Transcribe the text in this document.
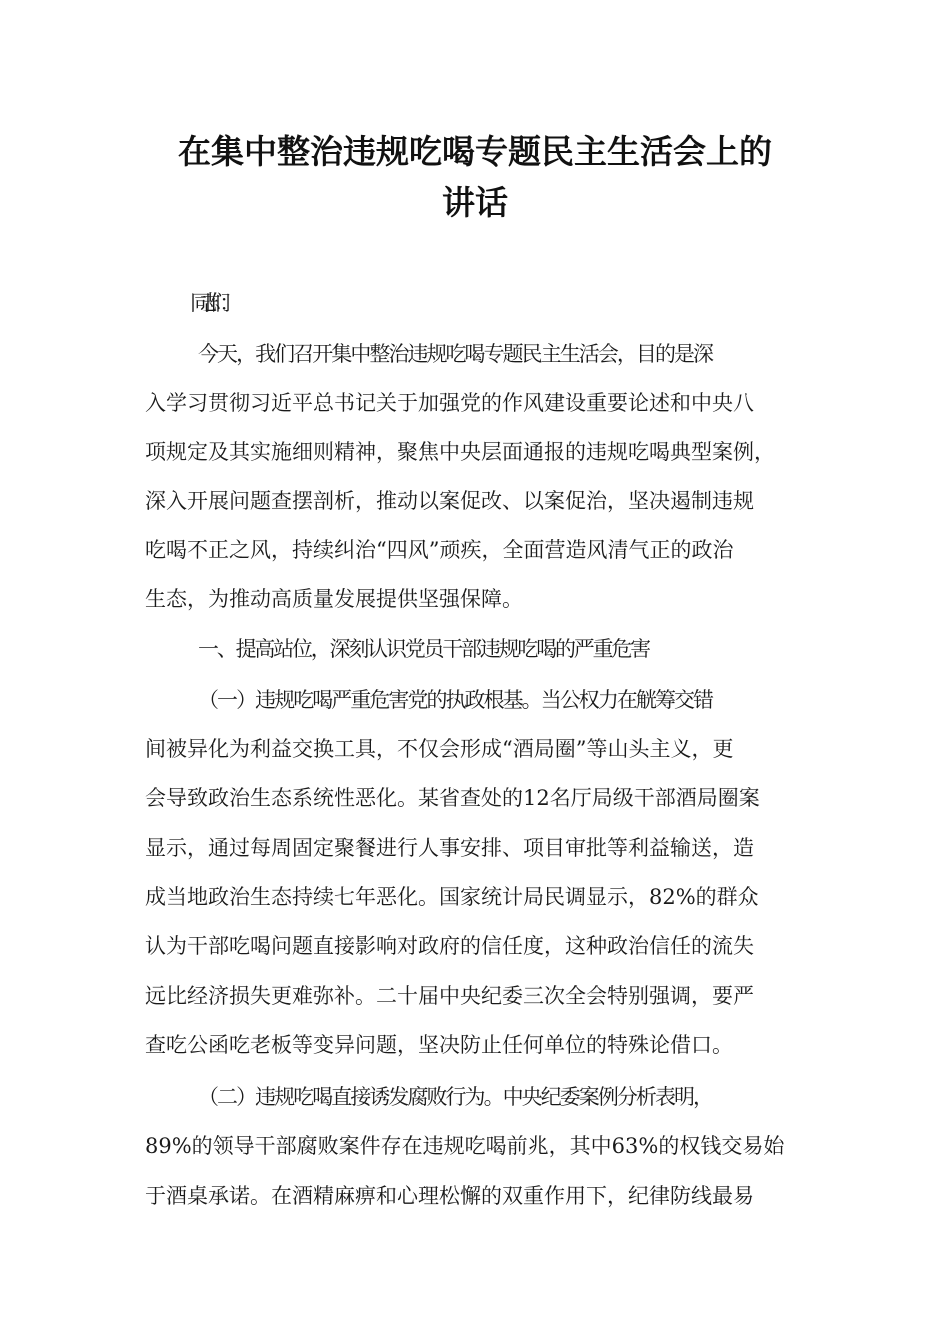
在集中整治违规吃喝专题民主生活会上的
讲话
同志们：
今天，我们召开集中整治违规吃喝专题民主生活会，目的是深
入学习贯彻习近平总书记关于加强党的作风建设重要论述和中央八
项规定及其实施细则精神，聚焦中央层面通报的违规吃喝典型案例，
深入开展问题查摆剖析，推动以案促改、以案促治，坚决遏制违规
吃喝不正之风，持续纠治“四风”顽疾，全面营造风清气正的政治
生态，为推动高质量发展提供坚强保障。
一、提高站位，深刻认识党员干部违规吃喝的严重危害
（一）违规吃喝严重危害党的执政根基。当公权力在觥筹交错
间被异化为利益交换工具，不仅会形成“酒局圈”等山头主义，更
会导致政治生态系统性恶化。某省查处的12名厅局级干部酒局圈案
显示，通过每周固定聚餐进行人事安排、项目审批等利益输送，造
成当地政治生态持续七年恶化。国家统计局民调显示，82%的群众
认为干部吃喝问题直接影响对政府的信任度，这种政治信任的流失
远比经济损失更难弥补。二十届中央纪委三次全会特别强调，要严
查吃公函吃老板等变异问题，坚决防止任何单位的特殊论借口。
（二）违规吃喝直接诱发腐败行为。中央纪委案例分析表明，
89%的领导干部腐败案件存在违规吃喝前兆，其中63%的权钱交易始
于酒桌承诺。在酒精麻痹和心理松懈的双重作用下，纪律防线最易
